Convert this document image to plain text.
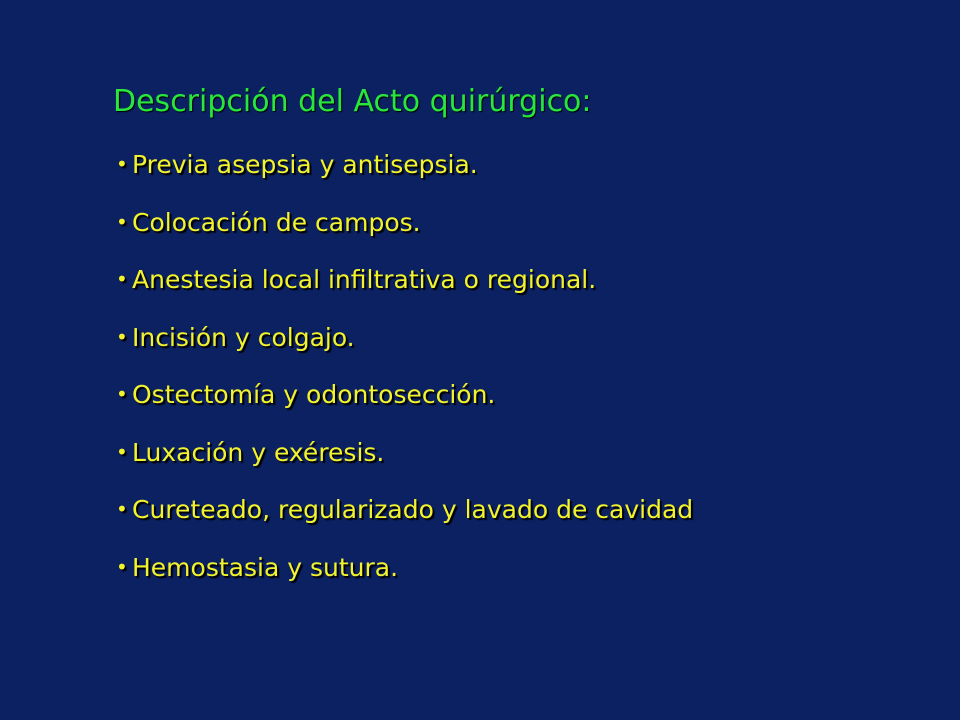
Descripción del Acto quirúrgico:
• Previa asepsia y antisepsia.
• Colocación de campos.
• Anestesia local infiltrativa o regional.
• Incisión y colgajo.
• Ostectomía y odontosección.
• Luxación y exéresis.
• Cureteado, regularizado y lavado de cavidad
• Hemostasia y sutura.
